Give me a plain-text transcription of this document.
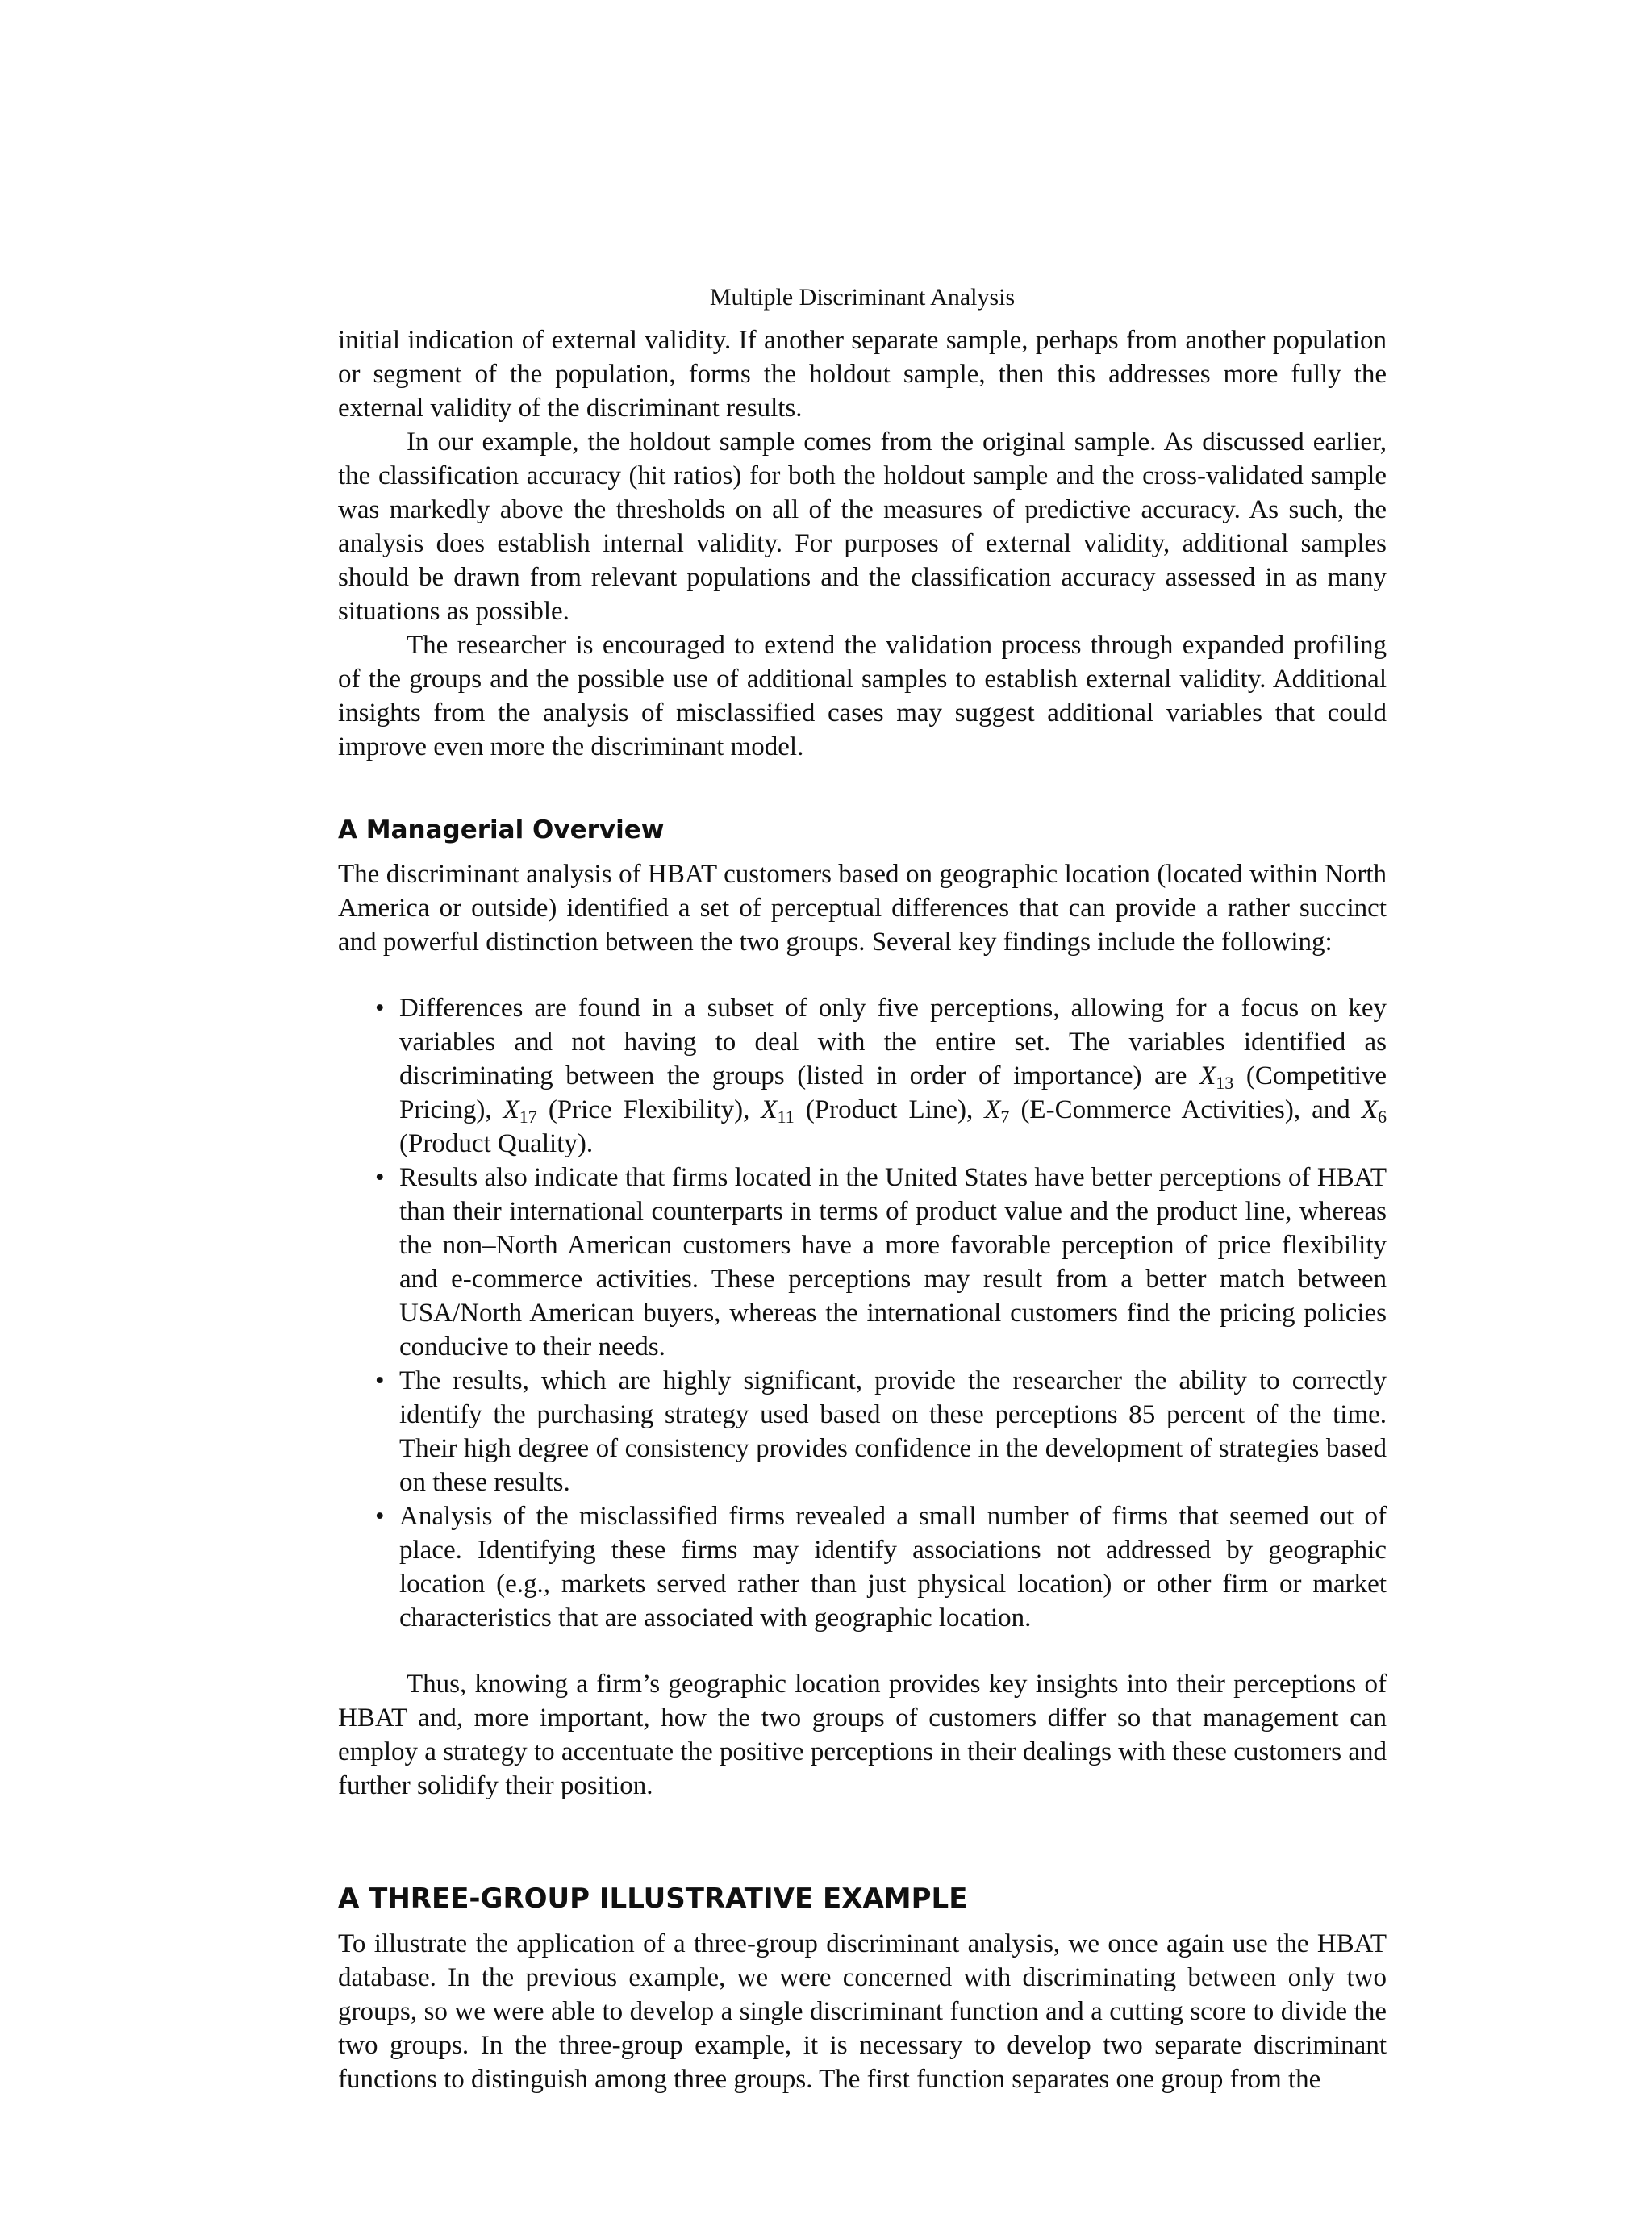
Multiple Discriminant Analysis

initial indication of external validity. If another separate sample, perhaps from another population or segment of the population, forms the holdout sample, then this addresses more fully the external validity of the discriminant results.

In our example, the holdout sample comes from the original sample. As discussed earlier, the classification accuracy (hit ratios) for both the holdout sample and the cross-validated sample was markedly above the thresholds on all of the measures of predictive accuracy. As such, the analysis does establish internal validity. For purposes of external validity, additional samples should be drawn from relevant populations and the classification accuracy assessed in as many situations as possible.

The researcher is encouraged to extend the validation process through expanded profiling of the groups and the possible use of additional samples to establish external validity. Additional insights from the analysis of misclassified cases may suggest additional variables that could improve even more the discriminant model.

A Managerial Overview

The discriminant analysis of HBAT customers based on geographic location (located within North America or outside) identified a set of perceptual differences that can provide a rather succinct and powerful distinction between the two groups. Several key findings include the following:

• Differences are found in a subset of only five perceptions, allowing for a focus on key variables and not having to deal with the entire set. The variables identified as discriminating between the groups (listed in order of importance) are $X_{13}$ (Competitive Pricing), $X_{17}$ (Price Flexibility), $X_{11}$ (Product Line), $X_7$ (E-Commerce Activities), and $X_6$ (Product Quality).
• Results also indicate that firms located in the United States have better perceptions of HBAT than their international counterparts in terms of product value and the product line, whereas the non–North American customers have a more favorable perception of price flexibility and e-commerce activities. These perceptions may result from a better match between USA/North American buyers, whereas the international customers find the pricing policies conducive to their needs.
• The results, which are highly significant, provide the researcher the ability to correctly identify the purchasing strategy used based on these perceptions 85 percent of the time. Their high degree of consistency provides confidence in the development of strategies based on these results.
• Analysis of the misclassified firms revealed a small number of firms that seemed out of place. Identifying these firms may identify associations not addressed by geographic location (e.g., markets served rather than just physical location) or other firm or market characteristics that are associated with geographic location.

Thus, knowing a firm’s geographic location provides key insights into their perceptions of HBAT and, more important, how the two groups of customers differ so that management can employ a strategy to accentuate the positive perceptions in their dealings with these customers and further solidify their position.

A THREE-GROUP ILLUSTRATIVE EXAMPLE

To illustrate the application of a three-group discriminant analysis, we once again use the HBAT database. In the previous example, we were concerned with discriminating between only two groups, so we were able to develop a single discriminant function and a cutting score to divide the two groups. In the three-group example, it is necessary to develop two separate discriminant functions to distinguish among three groups. The first function separates one group from the
